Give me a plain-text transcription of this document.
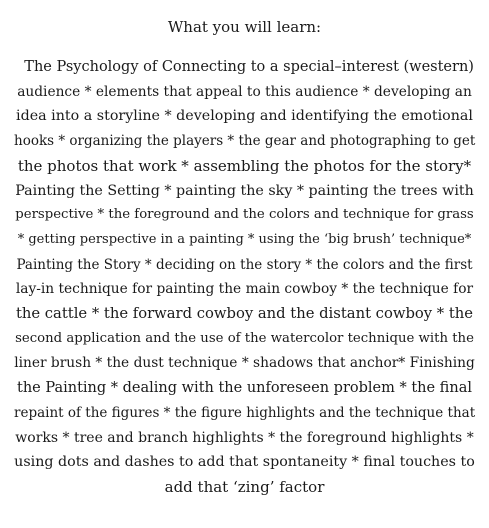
What you will learn:

The Psychology of Connecting to a special–interest (western)
audience * elements that appeal to this audience * developing an
idea into a storyline * developing and identifying the emotional
hooks * organizing the players * the gear and photographing to get
the photos that work * assembling the photos for the story*
Painting the Setting * painting the sky * painting the trees with
perspective * the foreground and the colors and technique for grass
* getting perspective in a painting * using the ‘big brush’ technique*
Painting the Story * deciding on the story * the colors and the first
lay-in technique for painting the main cowboy * the technique for
the cattle * the forward cowboy and the distant cowboy * the
second application and the use of the watercolor technique with the
liner brush * the dust technique * shadows that anchor* Finishing
the Painting * dealing with the unforeseen problem * the final
repaint of the figures * the figure highlights and the technique that
works * tree and branch highlights * the foreground highlights *
using dots and dashes to add that spontaneity * final touches to
add that ‘zing’ factor
